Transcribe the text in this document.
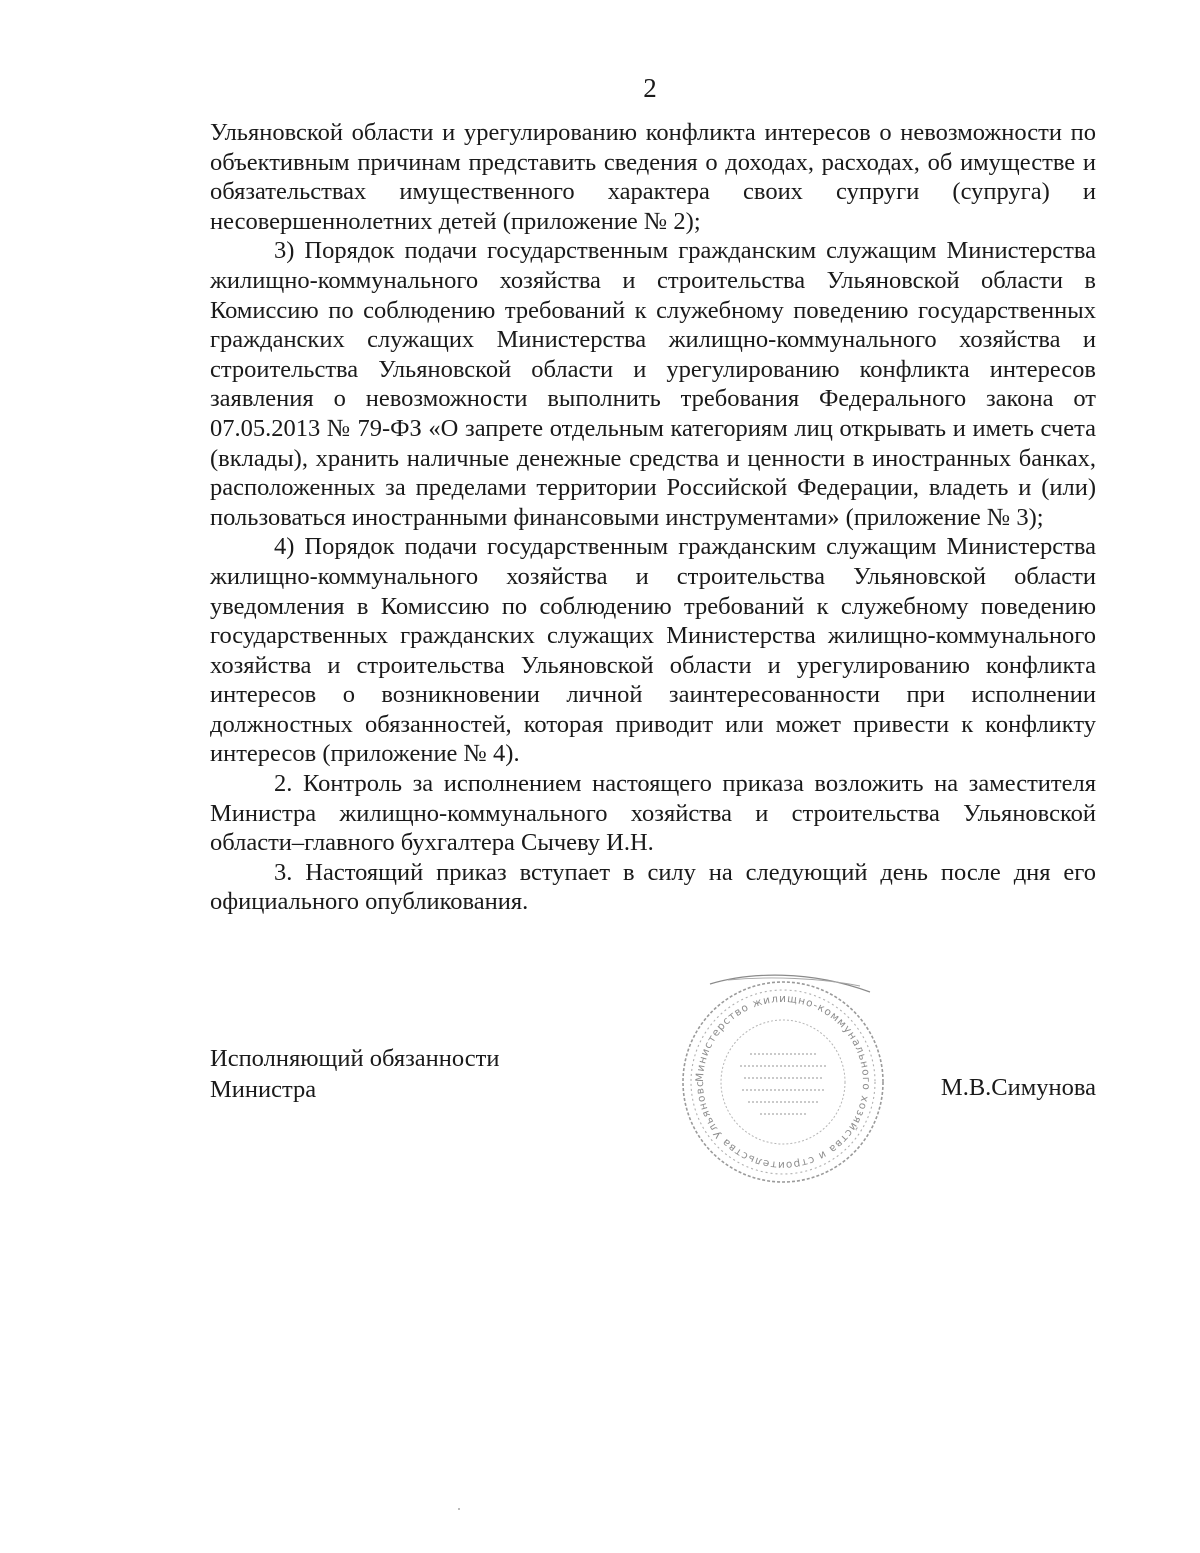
2

Ульяновской области и урегулированию конфликта интересов о невозможности по объективным причинам представить сведения о доходах, расходах, об имуществе и обязательствах имущественного характера своих супруги (супруга) и несовершеннолетних детей (приложение № 2);

3) Порядок подачи государственным гражданским служащим Министерства жилищно-коммунального хозяйства и строительства Ульяновской области в Комиссию по соблюдению требований к служебному поведению государственных гражданских служащих Министерства жилищно-коммунального хозяйства и строительства Ульяновской области и урегулированию конфликта интересов заявления о невозможности выполнить требования Федерального закона от 07.05.2013 № 79-ФЗ «О запрете отдельным категориям лиц открывать и иметь счета (вклады), хранить наличные денежные средства и ценности в иностранных банках, расположенных за пределами территории Российской Федерации, владеть и (или) пользоваться иностранными финансовыми инструментами» (приложение № 3);

4) Порядок подачи государственным гражданским служащим Министерства жилищно-коммунального хозяйства и строительства Ульяновской области уведомления в Комиссию по соблюдению требований к служебному поведению государственных гражданских служащих Министерства жилищно-коммунального хозяйства и строительства Ульяновской области и урегулированию конфликта интересов о возникновении личной заинтересованности при исполнении должностных обязанностей, которая приводит или может привести к конфликту интересов (приложение № 4).

2. Контроль за исполнением настоящего приказа возложить на заместителя Министра жилищно-коммунального хозяйства и строительства Ульяновской области–главного бухгалтера Сычеву И.Н.

3. Настоящий приказ вступает в силу на следующий день после дня его официального опубликования.

Исполняющий обязанности
Министра	Министерство жилищно-коммунального хозяйства и строительства Ульяновс	М.В.Симунова
